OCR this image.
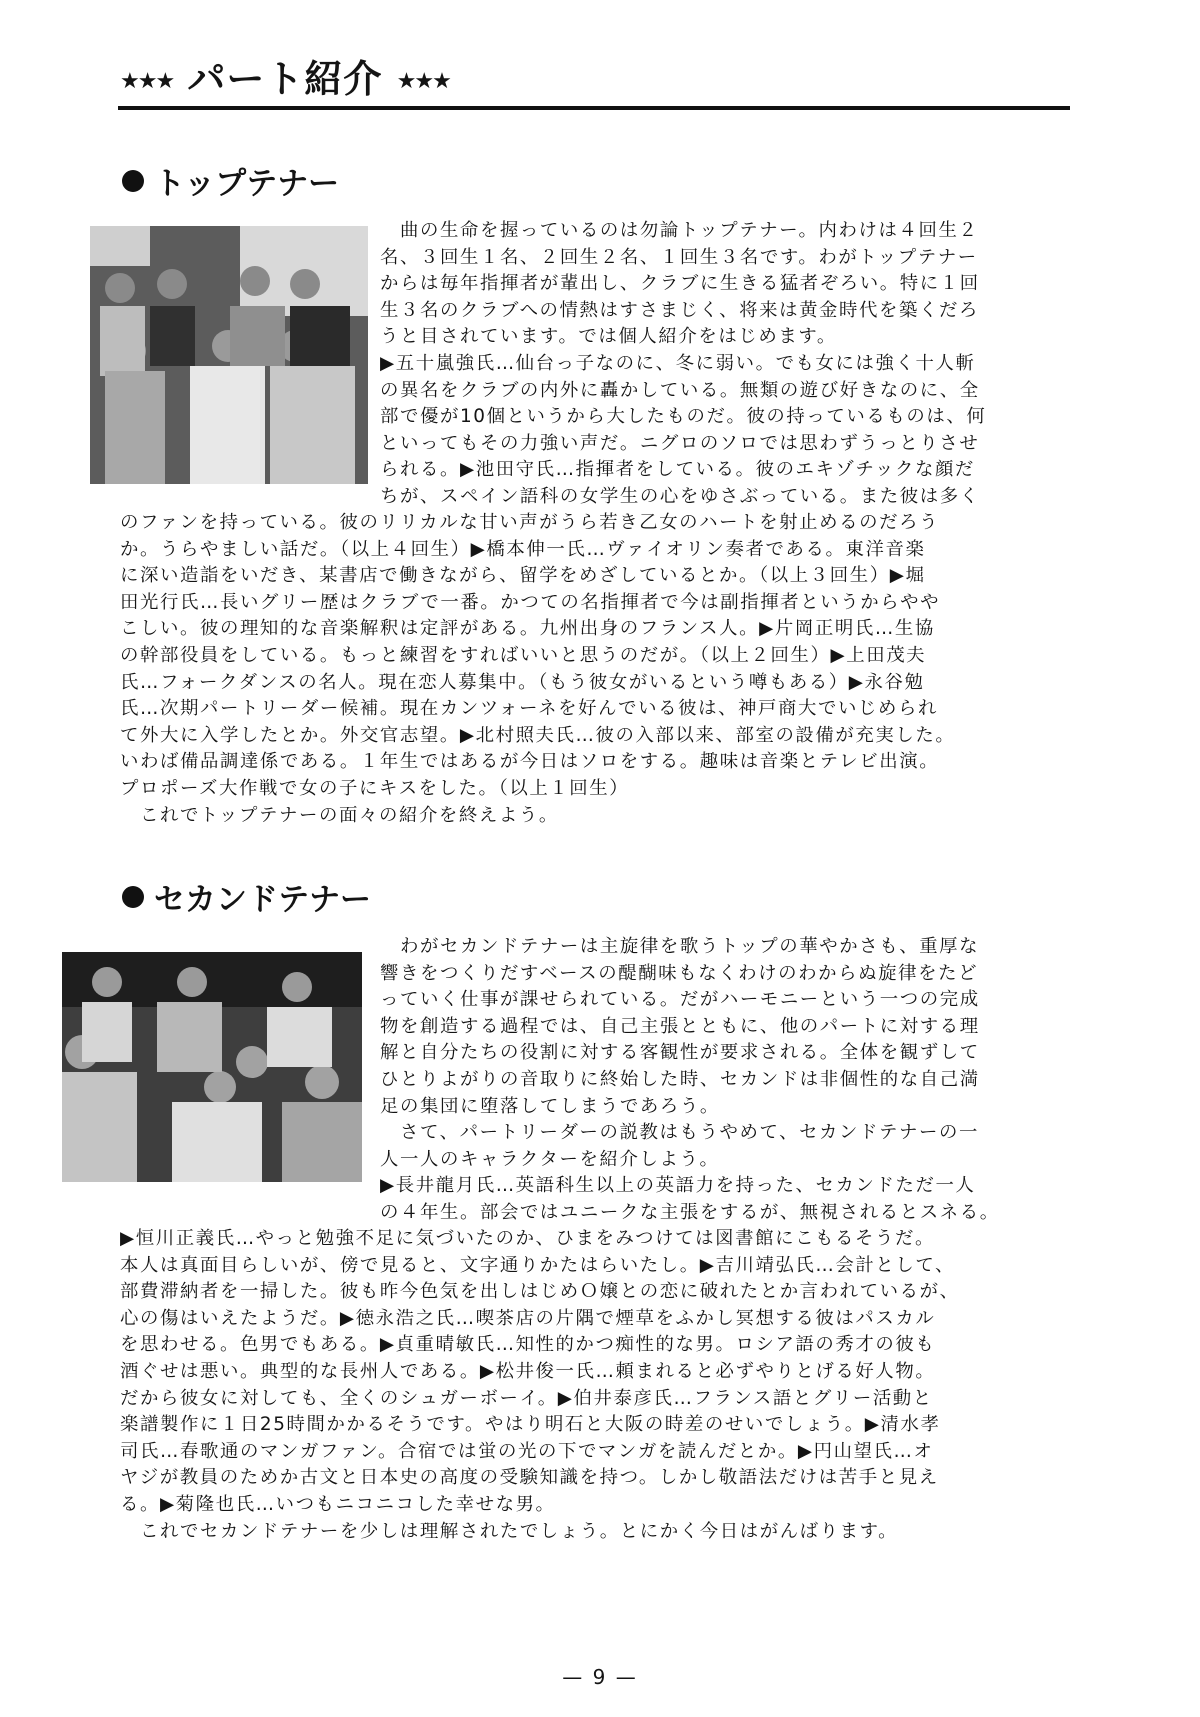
★★★ パート紹介 ★★★
トップテナー
　曲の生命を握っているのは勿論トップテナー。内わけは４回生２
名、３回生１名、２回生２名、１回生３名です。わがトップテナー
からは毎年指揮者が輩出し、クラブに生きる猛者ぞろい。特に１回
生３名のクラブへの情熱はすさまじく、将来は黄金時代を築くだろ
うと目されています。では個人紹介をはじめます。
▶五十嵐強氏…仙台っ子なのに、冬に弱い。でも女には強く十人斬
の異名をクラブの内外に轟かしている。無類の遊び好きなのに、全
部で優が10個というから大したものだ。彼の持っているものは、何
といってもその力強い声だ。ニグロのソロでは思わずうっとりさせ
られる。▶池田守氏…指揮者をしている。彼のエキゾチックな顔だ
ちが、スペイン語科の女学生の心をゆさぶっている。また彼は多く
のファンを持っている。彼のリリカルな甘い声がうら若き乙女のハートを射止めるのだろう
か。うらやましい話だ。（以上４回生）▶橋本伸一氏…ヴァイオリン奏者である。東洋音楽
に深い造詣をいだき、某書店で働きながら、留学をめざしているとか。（以上３回生）▶堀
田光行氏…長いグリー歴はクラブで一番。かつての名指揮者で今は副指揮者というからやや
こしい。彼の理知的な音楽解釈は定評がある。九州出身のフランス人。▶片岡正明氏…生協
の幹部役員をしている。もっと練習をすればいいと思うのだが。（以上２回生）▶上田茂夫
氏…フォークダンスの名人。現在恋人募集中。（もう彼女がいるという噂もある）▶永谷勉
氏…次期パートリーダー候補。現在カンツォーネを好んでいる彼は、神戸商大でいじめられ
て外大に入学したとか。外交官志望。▶北村照夫氏…彼の入部以来、部室の設備が充実した。
いわば備品調達係である。１年生ではあるが今日はソロをする。趣味は音楽とテレビ出演。
プロポーズ大作戦で女の子にキスをした。（以上１回生）
　これでトップテナーの面々の紹介を終えよう。
セカンドテナー
　わがセカンドテナーは主旋律を歌うトップの華やかさも、重厚な
響きをつくりだすベースの醍醐味もなくわけのわからぬ旋律をたど
っていく仕事が課せられている。だがハーモニーという一つの完成
物を創造する過程では、自己主張とともに、他のパートに対する理
解と自分たちの役割に対する客観性が要求される。全体を観ずして
ひとりよがりの音取りに終始した時、セカンドは非個性的な自己満
足の集団に堕落してしまうであろう。
　さて、パートリーダーの説教はもうやめて、セカンドテナーの一
人一人のキャラクターを紹介しよう。
▶長井龍月氏…英語科生以上の英語力を持った、セカンドただ一人
の４年生。部会ではユニークな主張をするが、無視されるとスネる。
▶恒川正義氏…やっと勉強不足に気づいたのか、ひまをみつけては図書館にこもるそうだ。
本人は真面目らしいが、傍で見ると、文字通りかたはらいたし。▶吉川靖弘氏…会計として、
部費滞納者を一掃した。彼も昨今色気を出しはじめＯ嬢との恋に破れたとか言われているが、
心の傷はいえたようだ。▶徳永浩之氏…喫茶店の片隅で煙草をふかし冥想する彼はパスカル
を思わせる。色男でもある。▶貞重晴敏氏…知性的かつ痴性的な男。ロシア語の秀才の彼も
酒ぐせは悪い。典型的な長州人である。▶松井俊一氏…頼まれると必ずやりとげる好人物。
だから彼女に対しても、全くのシュガーボーイ。▶伯井泰彦氏…フランス語とグリー活動と
楽譜製作に１日25時間かかるそうです。やはり明石と大阪の時差のせいでしょう。▶清水孝
司氏…春歌通のマンガファン。合宿では蛍の光の下でマンガを読んだとか。▶円山望氏…オ
ヤジが教員のためか古文と日本史の高度の受験知識を持つ。しかし敬語法だけは苦手と見え
る。▶菊隆也氏…いつもニコニコした幸せな男。
　これでセカンドテナーを少しは理解されたでしょう。とにかく今日はがんばります。
— 9 —
